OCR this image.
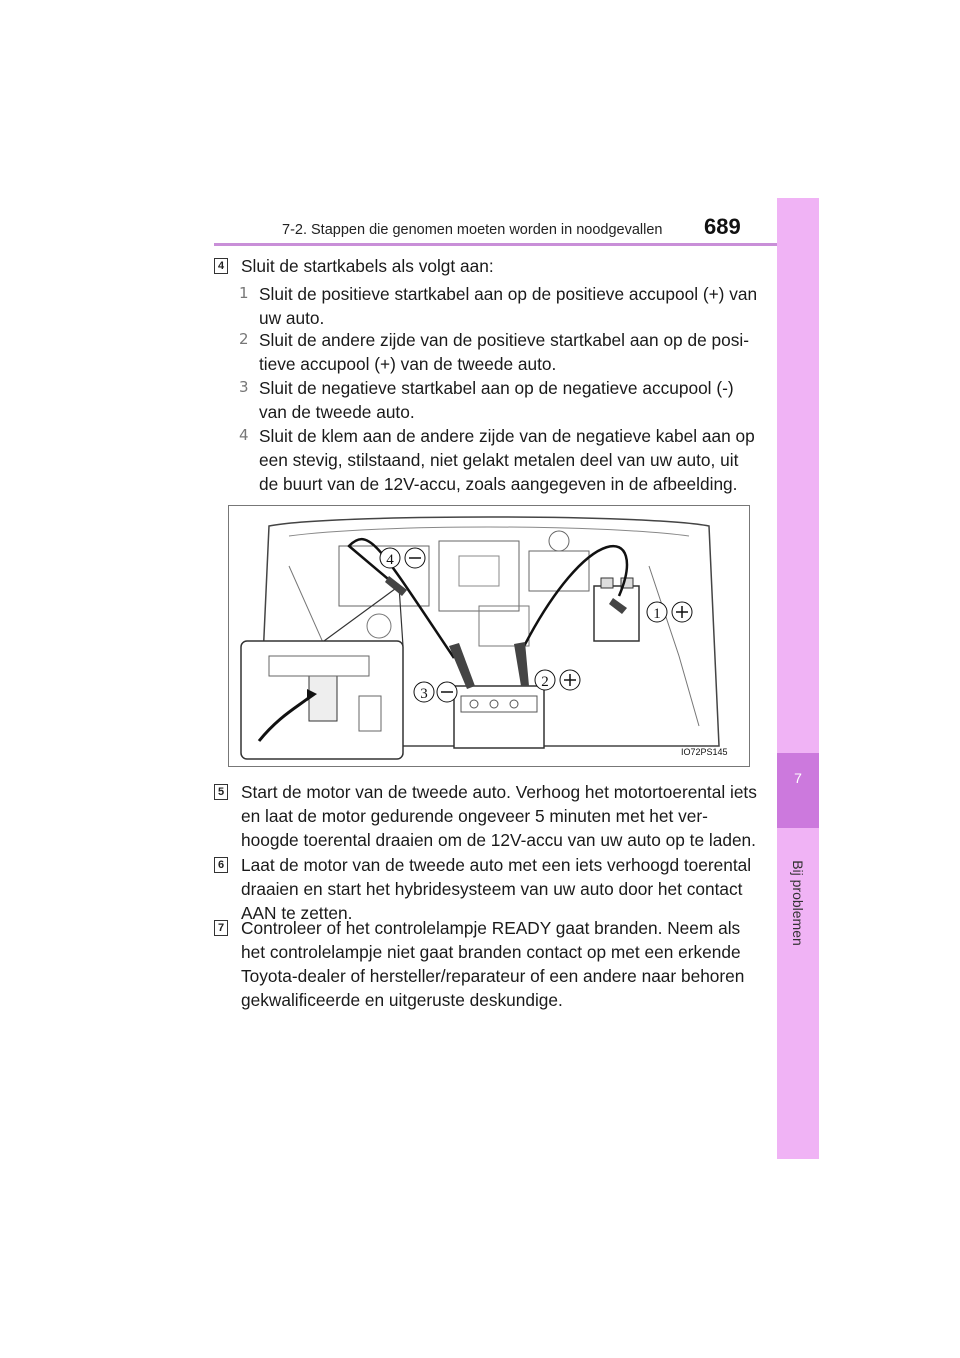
7-2. Stappen die genomen moeten worden in noodgevallen	689
7
Bij problemen
4 Sluit de startkabels als volgt aan:
1 Sluit de positieve startkabel aan op de positieve accupool (+) van
uw auto.
2 Sluit de andere zijde van de positieve startkabel aan op de posi-
tieve accupool (+) van de tweede auto.
3 Sluit de negatieve startkabel aan op de negatieve accupool (-)
van de tweede auto.
4 Sluit de klem aan de andere zijde van de negatieve kabel aan op
een stevig, stilstaand, niet gelakt metalen deel van uw auto, uit
de buurt van de 12V-accu, zoals aangegeven in de afbeelding.
4
1
3
2
IO72PS145
5 Start de motor van de tweede auto. Verhoog het motortoerental iets
en laat de motor gedurende ongeveer 5 minuten met het ver-
hoogde toerental draaien om de 12V-accu van uw auto op te laden.
6 Laat de motor van de tweede auto met een iets verhoogd toerental
draaien en start het hybridesysteem van uw auto door het contact
AAN te zetten.
7 Controleer of het controlelampje READY gaat branden. Neem als
het controlelampje niet gaat branden contact op met een erkende
Toyota-dealer of hersteller/reparateur of een andere naar behoren
gekwalificeerde en uitgeruste deskundige.
